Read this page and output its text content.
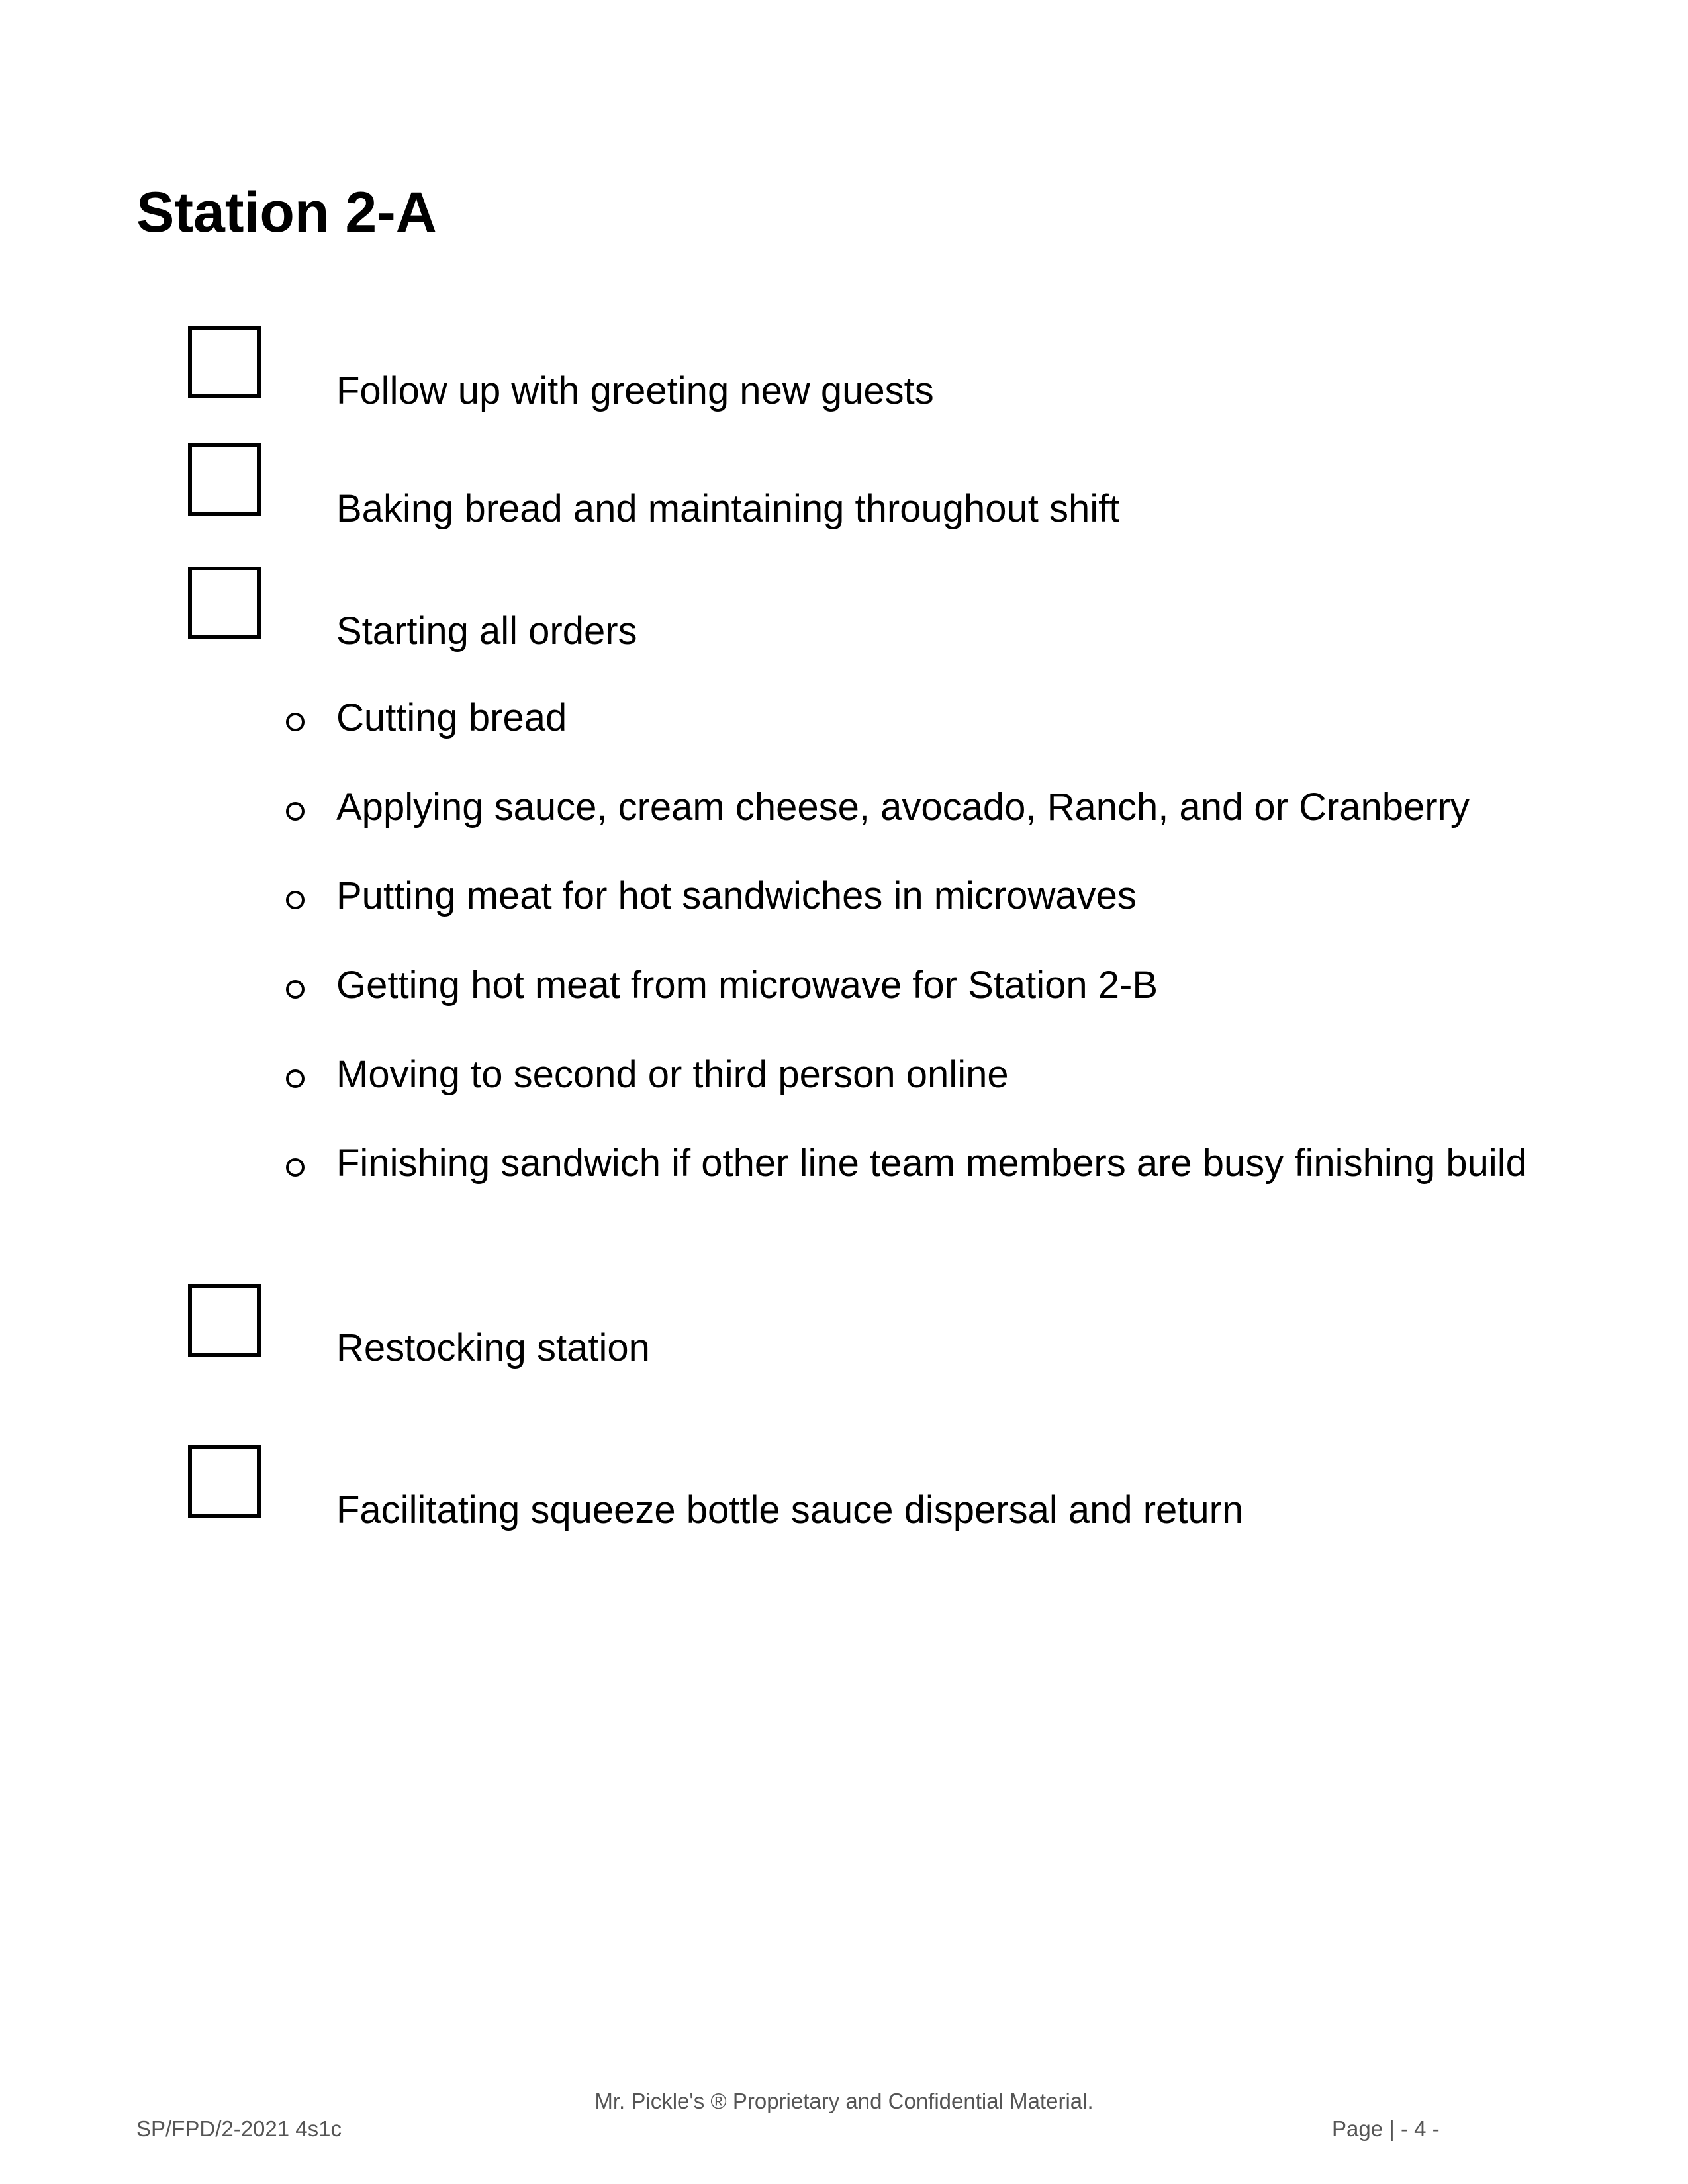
Station 2-A
Follow up with greeting new guests
Baking bread and maintaining throughout shift
Starting all orders
Cutting bread
Applying sauce, cream cheese, avocado, Ranch, and or Cranberry
Putting meat for hot sandwiches in microwaves
Getting hot meat from microwave for Station 2-B
Moving to second or third person online
Finishing sandwich if other line team members are busy finishing build
Restocking station
Facilitating squeeze bottle sauce dispersal and return
Mr. Pickle's ® Proprietary and Confidential Material.
SP/FPD/2-2021 4s1c	Page | - 4 -
